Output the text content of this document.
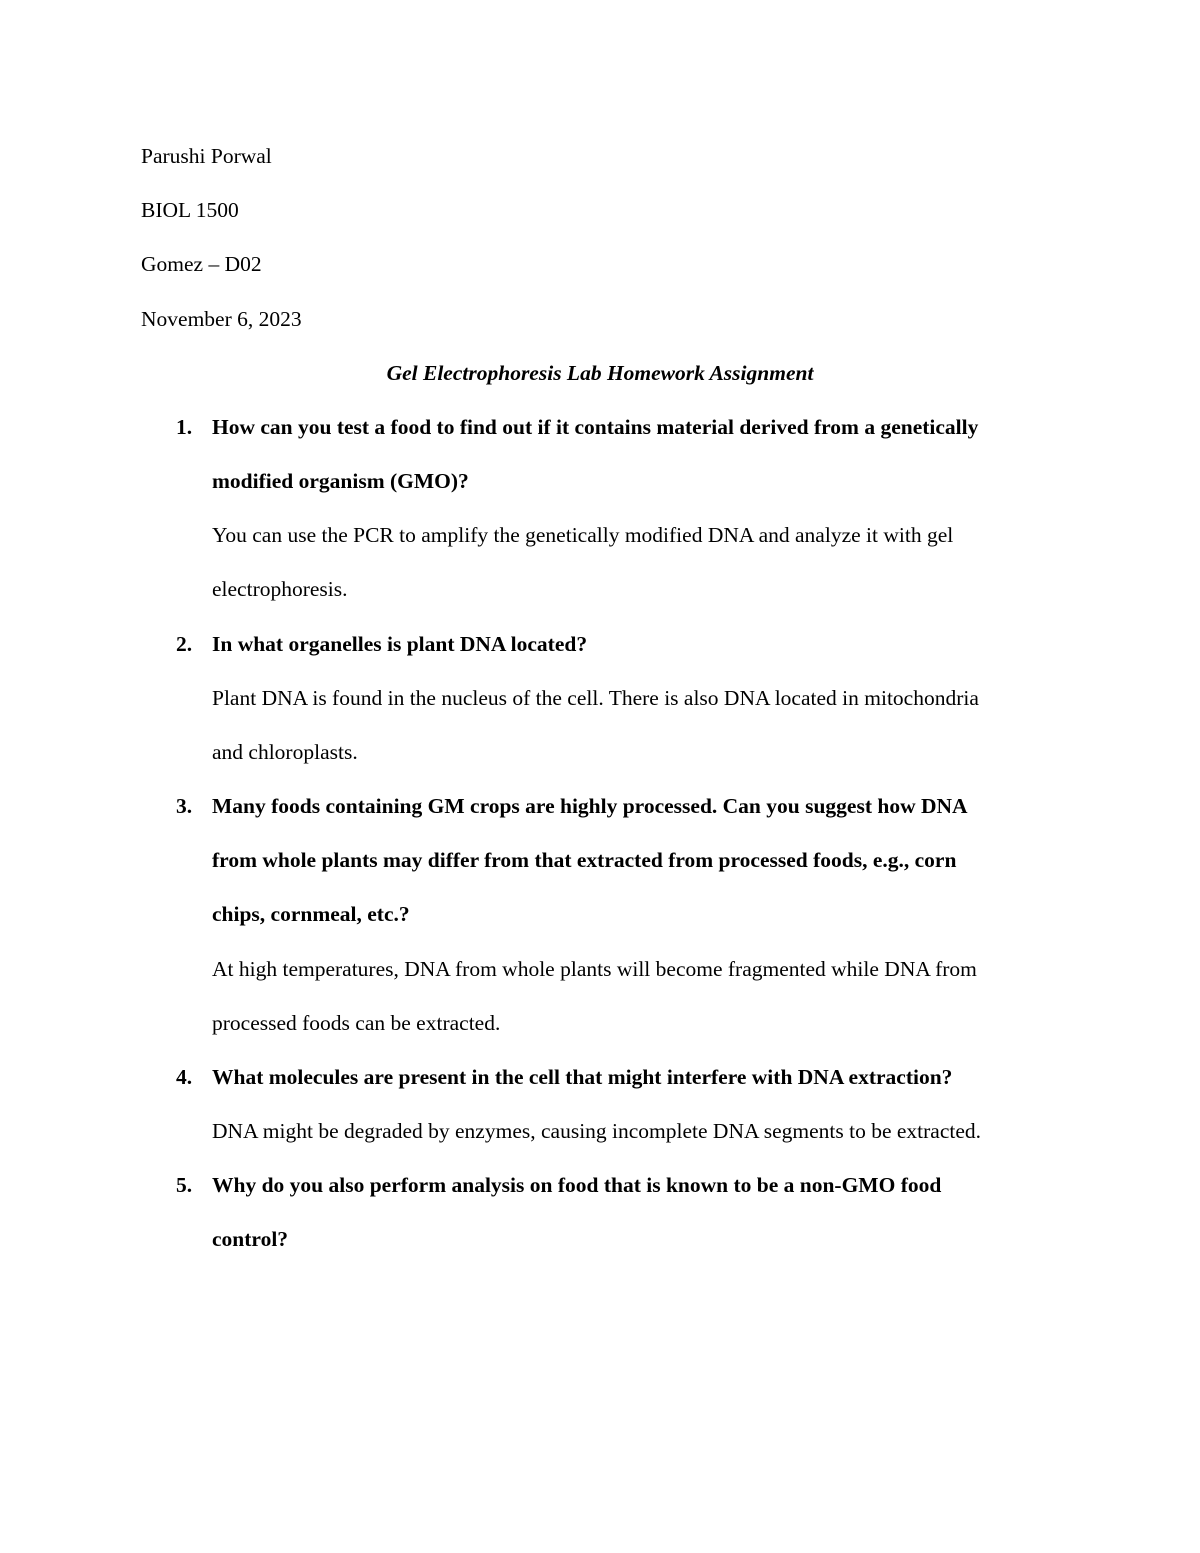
Parushi Porwal
BIOL 1500
Gomez – D02
November 6, 2023
Gel Electrophoresis Lab Homework Assignment
1. How can you test a food to find out if it contains material derived from a genetically
modified organism (GMO)?
You can use the PCR to amplify the genetically modified DNA and analyze it with gel
electrophoresis.
2. In what organelles is plant DNA located?
Plant DNA is found in the nucleus of the cell. There is also DNA located in mitochondria
and chloroplasts.
3. Many foods containing GM crops are highly processed. Can you suggest how DNA
from whole plants may differ from that extracted from processed foods, e.g., corn
chips, cornmeal, etc.?
At high temperatures, DNA from whole plants will become fragmented while DNA from
processed foods can be extracted.
4. What molecules are present in the cell that might interfere with DNA extraction?
DNA might be degraded by enzymes, causing incomplete DNA segments to be extracted.
5. Why do you also perform analysis on food that is known to be a non-GMO food
control?
